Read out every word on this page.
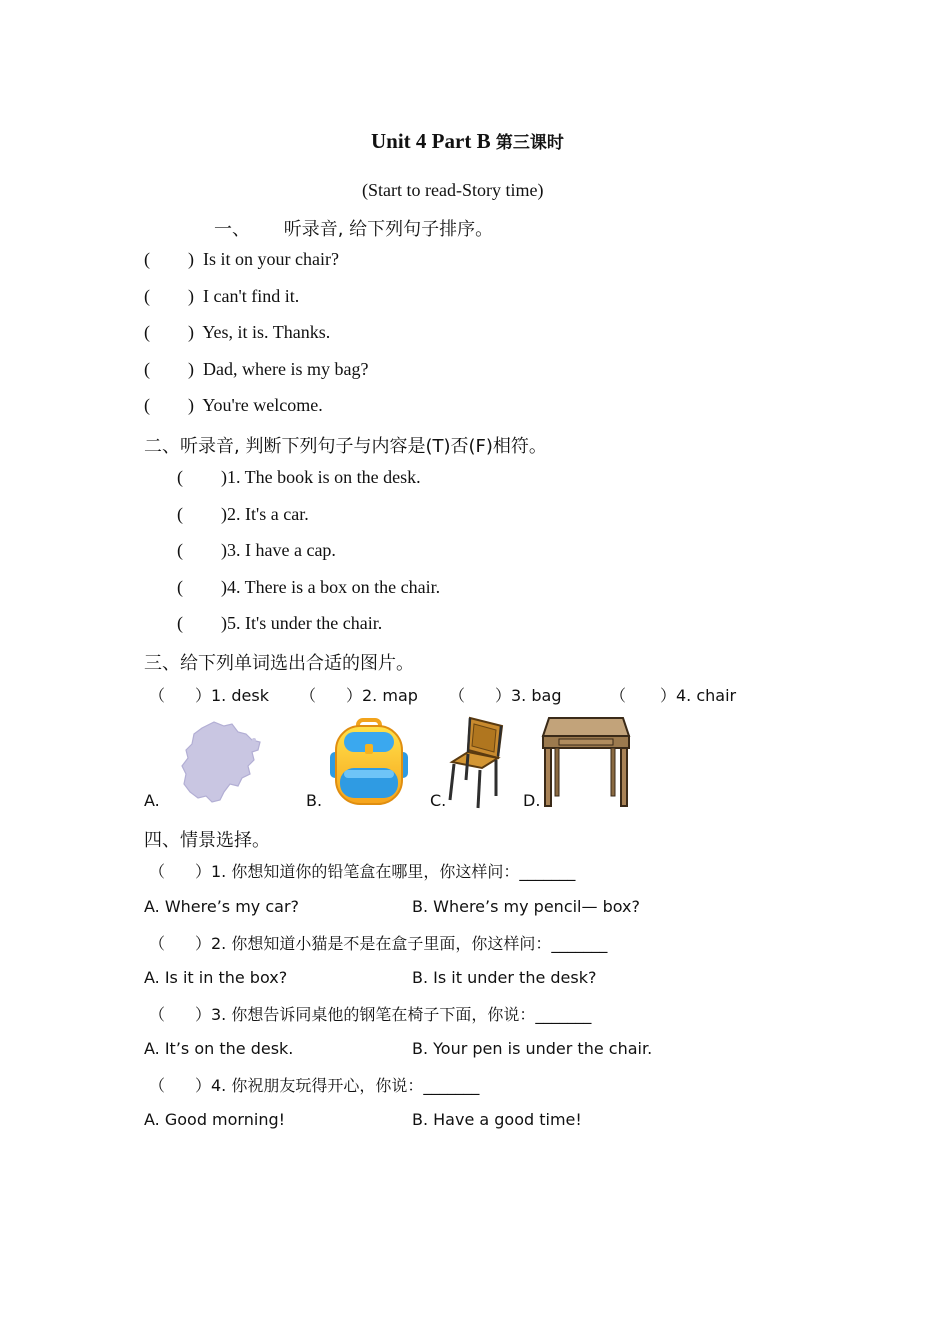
Unit 4 Part B 第三课时
(Start to read-Story time)
一、 听录音, 给下列句子排序。
( ) Is it on your chair?
( ) I can't find it.
( ) Yes, it is. Thanks.
( ) Dad, where is my bag?
( ) You're welcome.
二、听录音, 判断下列句子与内容是(T)否(F)相符。
( )1. The book is on the desk.
( )2. It's a car.
( )3. I have a cap.
( )4. There is a box on the chair.
( )5. It's under the chair.
三、给下列单词选出合适的图片。
（ ）1. desk （ ）2. map （ ）3. bag	（ ）4. chair
A.	B.	C.	D.
四、情景选择。
（ ）1. 你想知道你的铅笔盒在哪里，你这样问：_______
A. Where’s my car?	B. Where’s my pencil— box?
（ ）2. 你想知道小猫是不是在盒子里面，你这样问：_______
A. Is it in the box?	B. Is it under the desk?
（ ）3. 你想告诉同桌他的钢笔在椅子下面，你说：_______
A. It’s on the desk.	B. Your pen is under the chair.
（ ）4. 你祝朋友玩得开心，你说：_______
A. Good morning!	B. Have a good time!
